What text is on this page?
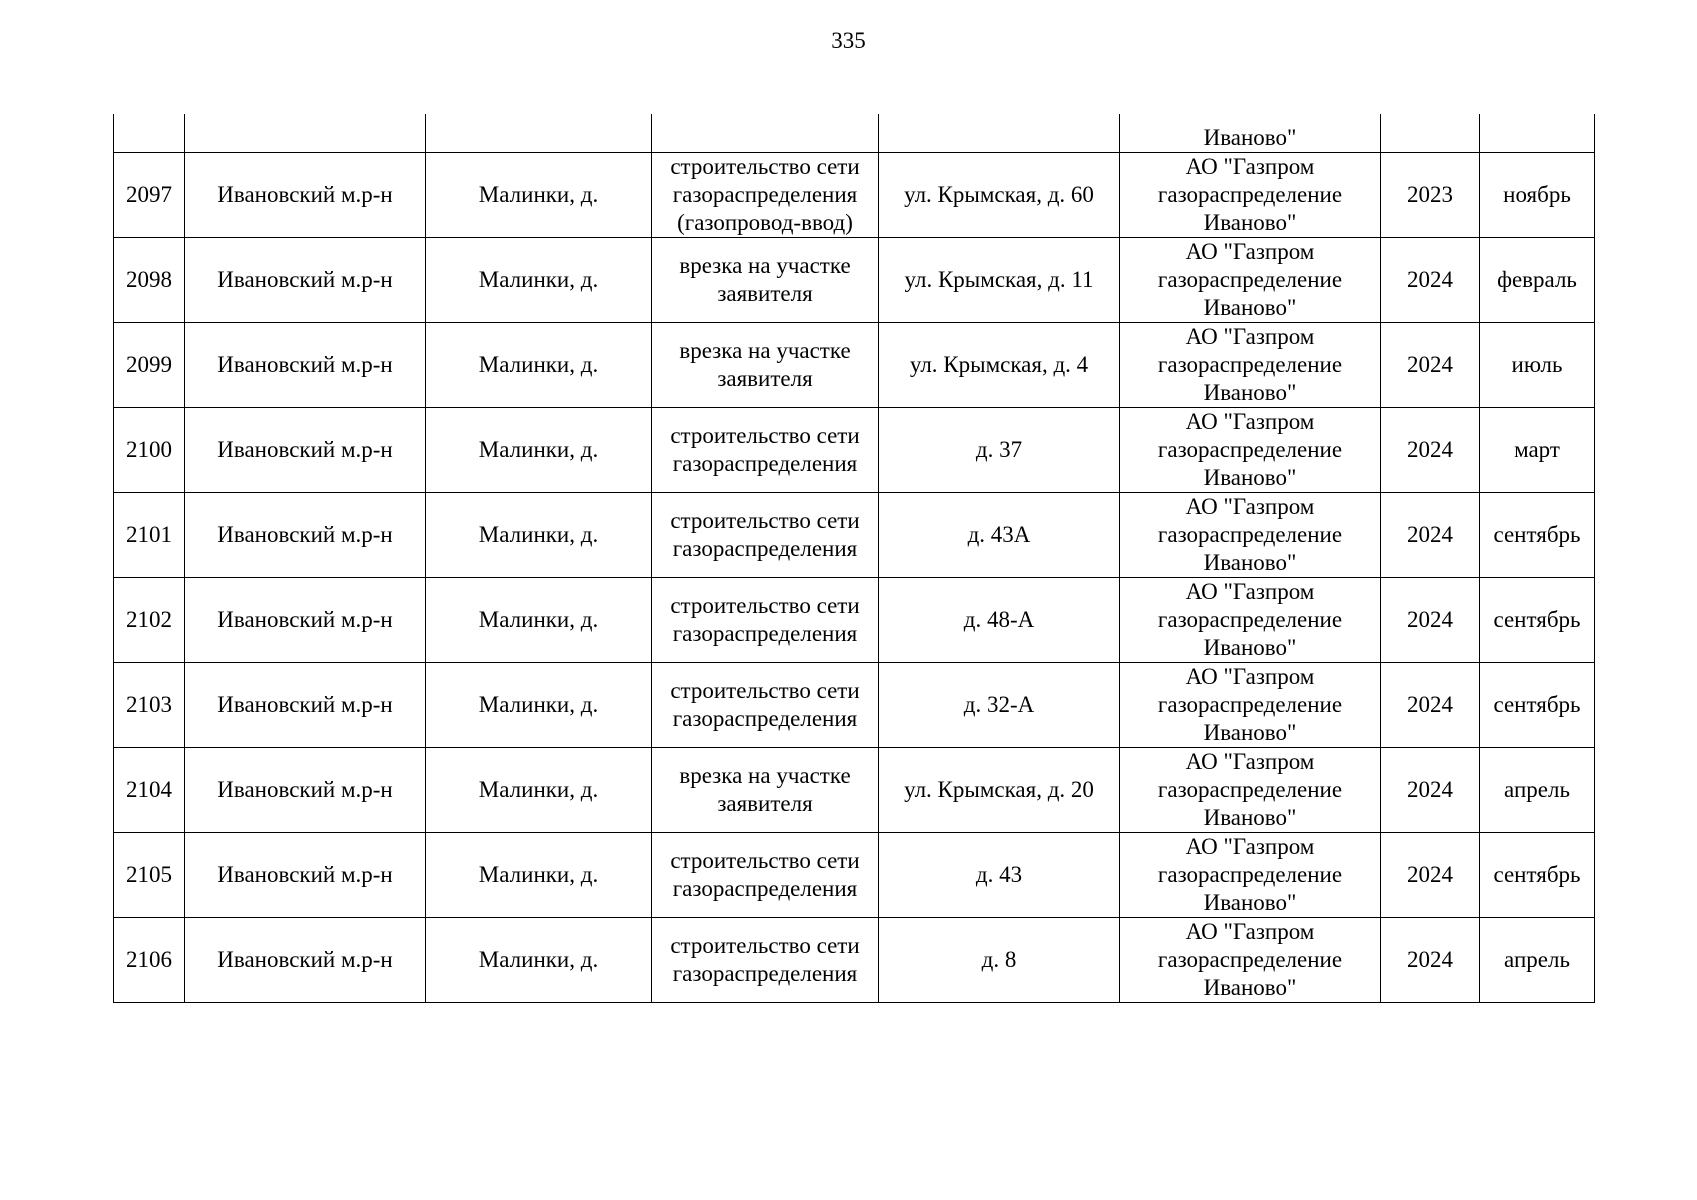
335

					Иваново"		

2097	Ивановский м.р-н	Малинки, д.	строительство сети
газораспределения
(газопровод-ввод)	ул. Крымская, д. 60	АО "Газпром
газораспределение
Иваново"	2023	ноябрь
2098	Ивановский м.р-н	Малинки, д.	врезка на участке
заявителя	ул. Крымская, д. 11	АО "Газпром
газораспределение
Иваново"	2024	февраль
2099	Ивановский м.р-н	Малинки, д.	врезка на участке
заявителя	ул. Крымская, д. 4	АО "Газпром
газораспределение
Иваново"	2024	июль
2100	Ивановский м.р-н	Малинки, д.	строительство сети
газораспределения	д. 37	АО "Газпром
газораспределение
Иваново"	2024	март
2101	Ивановский м.р-н	Малинки, д.	строительство сети
газораспределения	д. 43А	АО "Газпром
газораспределение
Иваново"	2024	сентябрь
2102	Ивановский м.р-н	Малинки, д.	строительство сети
газораспределения	д. 48-А	АО "Газпром
газораспределение
Иваново"	2024	сентябрь
2103	Ивановский м.р-н	Малинки, д.	строительство сети
газораспределения	д. 32-А	АО "Газпром
газораспределение
Иваново"	2024	сентябрь
2104	Ивановский м.р-н	Малинки, д.	врезка на участке
заявителя	ул. Крымская, д. 20	АО "Газпром
газораспределение
Иваново"	2024	апрель
2105	Ивановский м.р-н	Малинки, д.	строительство сети
газораспределения	д. 43	АО "Газпром
газораспределение
Иваново"	2024	сентябрь
2106	Ивановский м.р-н	Малинки, д.	строительство сети
газораспределения	д. 8	АО "Газпром
газораспределение
Иваново"	2024	апрель
